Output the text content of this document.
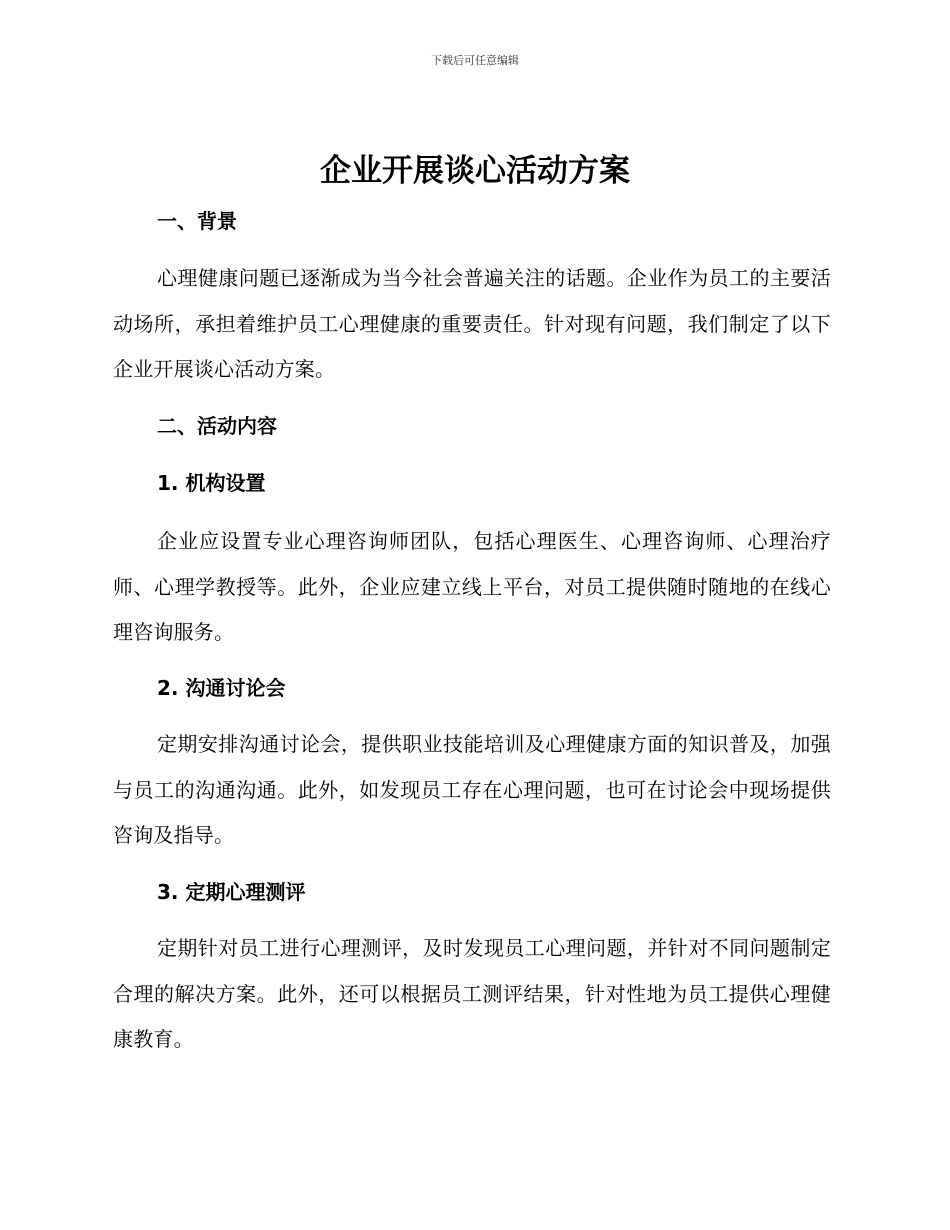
下载后可任意编辑
企业开展谈心活动方案
一、背景

心理健康问题已逐渐成为当今社会普遍关注的话题。企业作为员工的主要活动场所，承担着维护员工心理健康的重要责任。针对现有问题，我们制定了以下企业开展谈心活动方案。

二、活动内容
1. 机构设置

企业应设置专业心理咨询师团队，包括心理医生、心理咨询师、心理治疗师、心理学教授等。此外，企业应建立线上平台，对员工提供随时随地的在线心理咨询服务。

2. 沟通讨论会

定期安排沟通讨论会，提供职业技能培训及心理健康方面的知识普及，加强与员工的沟通沟通。此外，如发现员工存在心理问题，也可在讨论会中现场提供咨询及指导。

3. 定期心理测评

定期针对员工进行心理测评，及时发现员工心理问题，并针对不同问题制定合理的解决方案。此外，还可以根据员工测评结果，针对性地为员工提供心理健康教育。
